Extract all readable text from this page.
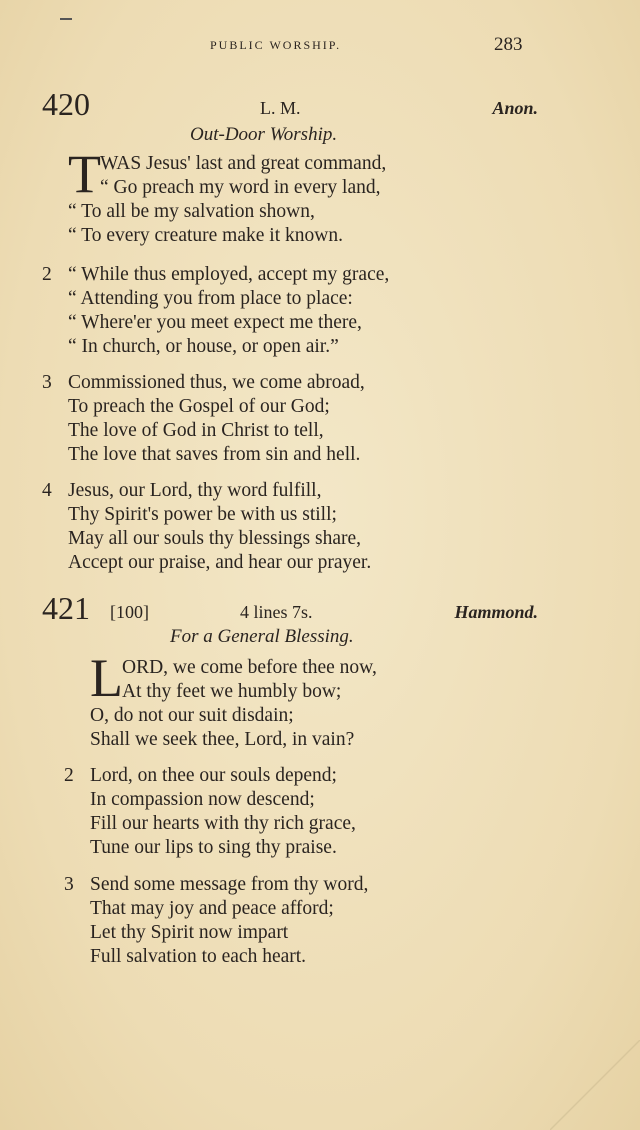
PUBLIC WORSHIP.	283
420	L. M.	Anon.
Out-Door Worship.
T WAS Jesus' last and great command,
“ Go preach my word in every land,
“ To all be my salvation shown,
“ To every creature make it known.
2 “ While thus employed, accept my grace,
“ Attending you from place to place:
“ Where'er you meet expect me there,
“ In church, or house, or open air.”
3 Commissioned thus, we come abroad,
To preach the Gospel of our God;
The love of God in Christ to tell,
The love that saves from sin and hell.
4 Jesus, our Lord, thy word fulfill,
Thy Spirit's power be with us still;
May all our souls thy blessings share,
Accept our praise, and hear our prayer.
421 [100]	4 lines 7s.	Hammond.
For a General Blessing.
L ORD, we come before thee now,
At thy feet we humbly bow;
O, do not our suit disdain;
Shall we seek thee, Lord, in vain?
2 Lord, on thee our souls depend;
In compassion now descend;
Fill our hearts with thy rich grace,
Tune our lips to sing thy praise.
3 Send some message from thy word,
That may joy and peace afford;
Let thy Spirit now impart
Full salvation to each heart.
